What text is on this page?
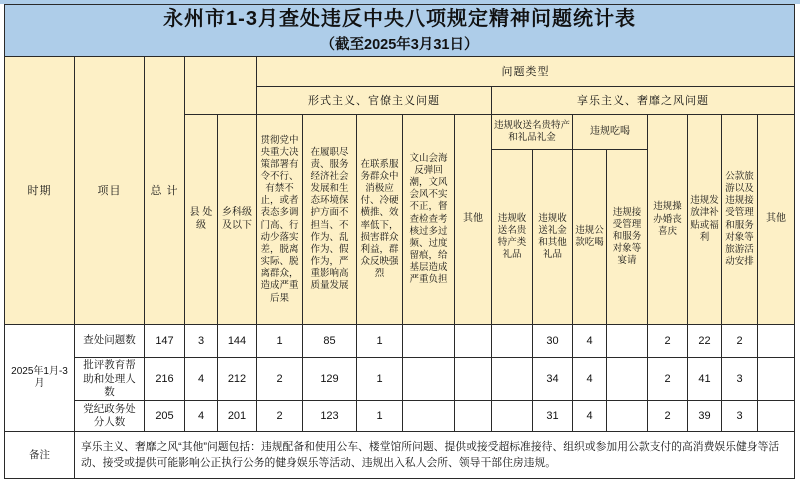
永州市1-3月查处违反中央八项规定精神问题统计表
（截至2025年3月31日）																	

时期	项目	总 计			问题类型												
					形式主义、官僚主义问题					享乐主义、奢靡之风问题							
			县 处 级	乡科级及以下	贯彻党中央重大决策部署有令不行、有禁不止，或者表态多调门高、行动少落实差，脱离实际、脱离群众，造成严重后果	在履职尽责、服务经济社会发展和生态环境保护方面不担当、不作为、乱作为、假作为，严重影响高质量发展	在联系服务群众中消极应付、冷硬横推、效率低下，损害群众利益，群众反映强烈	文山会海反弹回潮，文风会风不实不正，督查检查考核过多过频、过度留痕，给基层造成严重负担	其他	违规收送名贵特产和礼品礼金		违规吃喝		违规操办婚丧喜庆	违规发放津补贴或福利	公款旅游以及违规接受管理和服务对象等旅游活动安排	其他
										违规收送名贵特产类礼品	违规收送礼金和其他礼品	违规公款吃喝	违规接受管理和服务对象等宴请				
2025年1月-3月	查处问题数	147	3	144	1	85	1				30	4		2	22	2	
	批评教育帮助和处理人数	216	4	212	2	129	1				34	4		2	41	3	
	党纪政务处分人数	205	4	201	2	123	1				31	4		2	39	3	
备注	享乐主义、奢靡之风“其他”问题包括：违规配备和使用公车、楼堂馆所问题、提供或接受超标准接待、组织或参加用公款支付的高消费娱乐健身等活动、接受或提供可能影响公正执行公务的健身娱乐等活动、违规出入私人会所、领导干部住房违规。																
